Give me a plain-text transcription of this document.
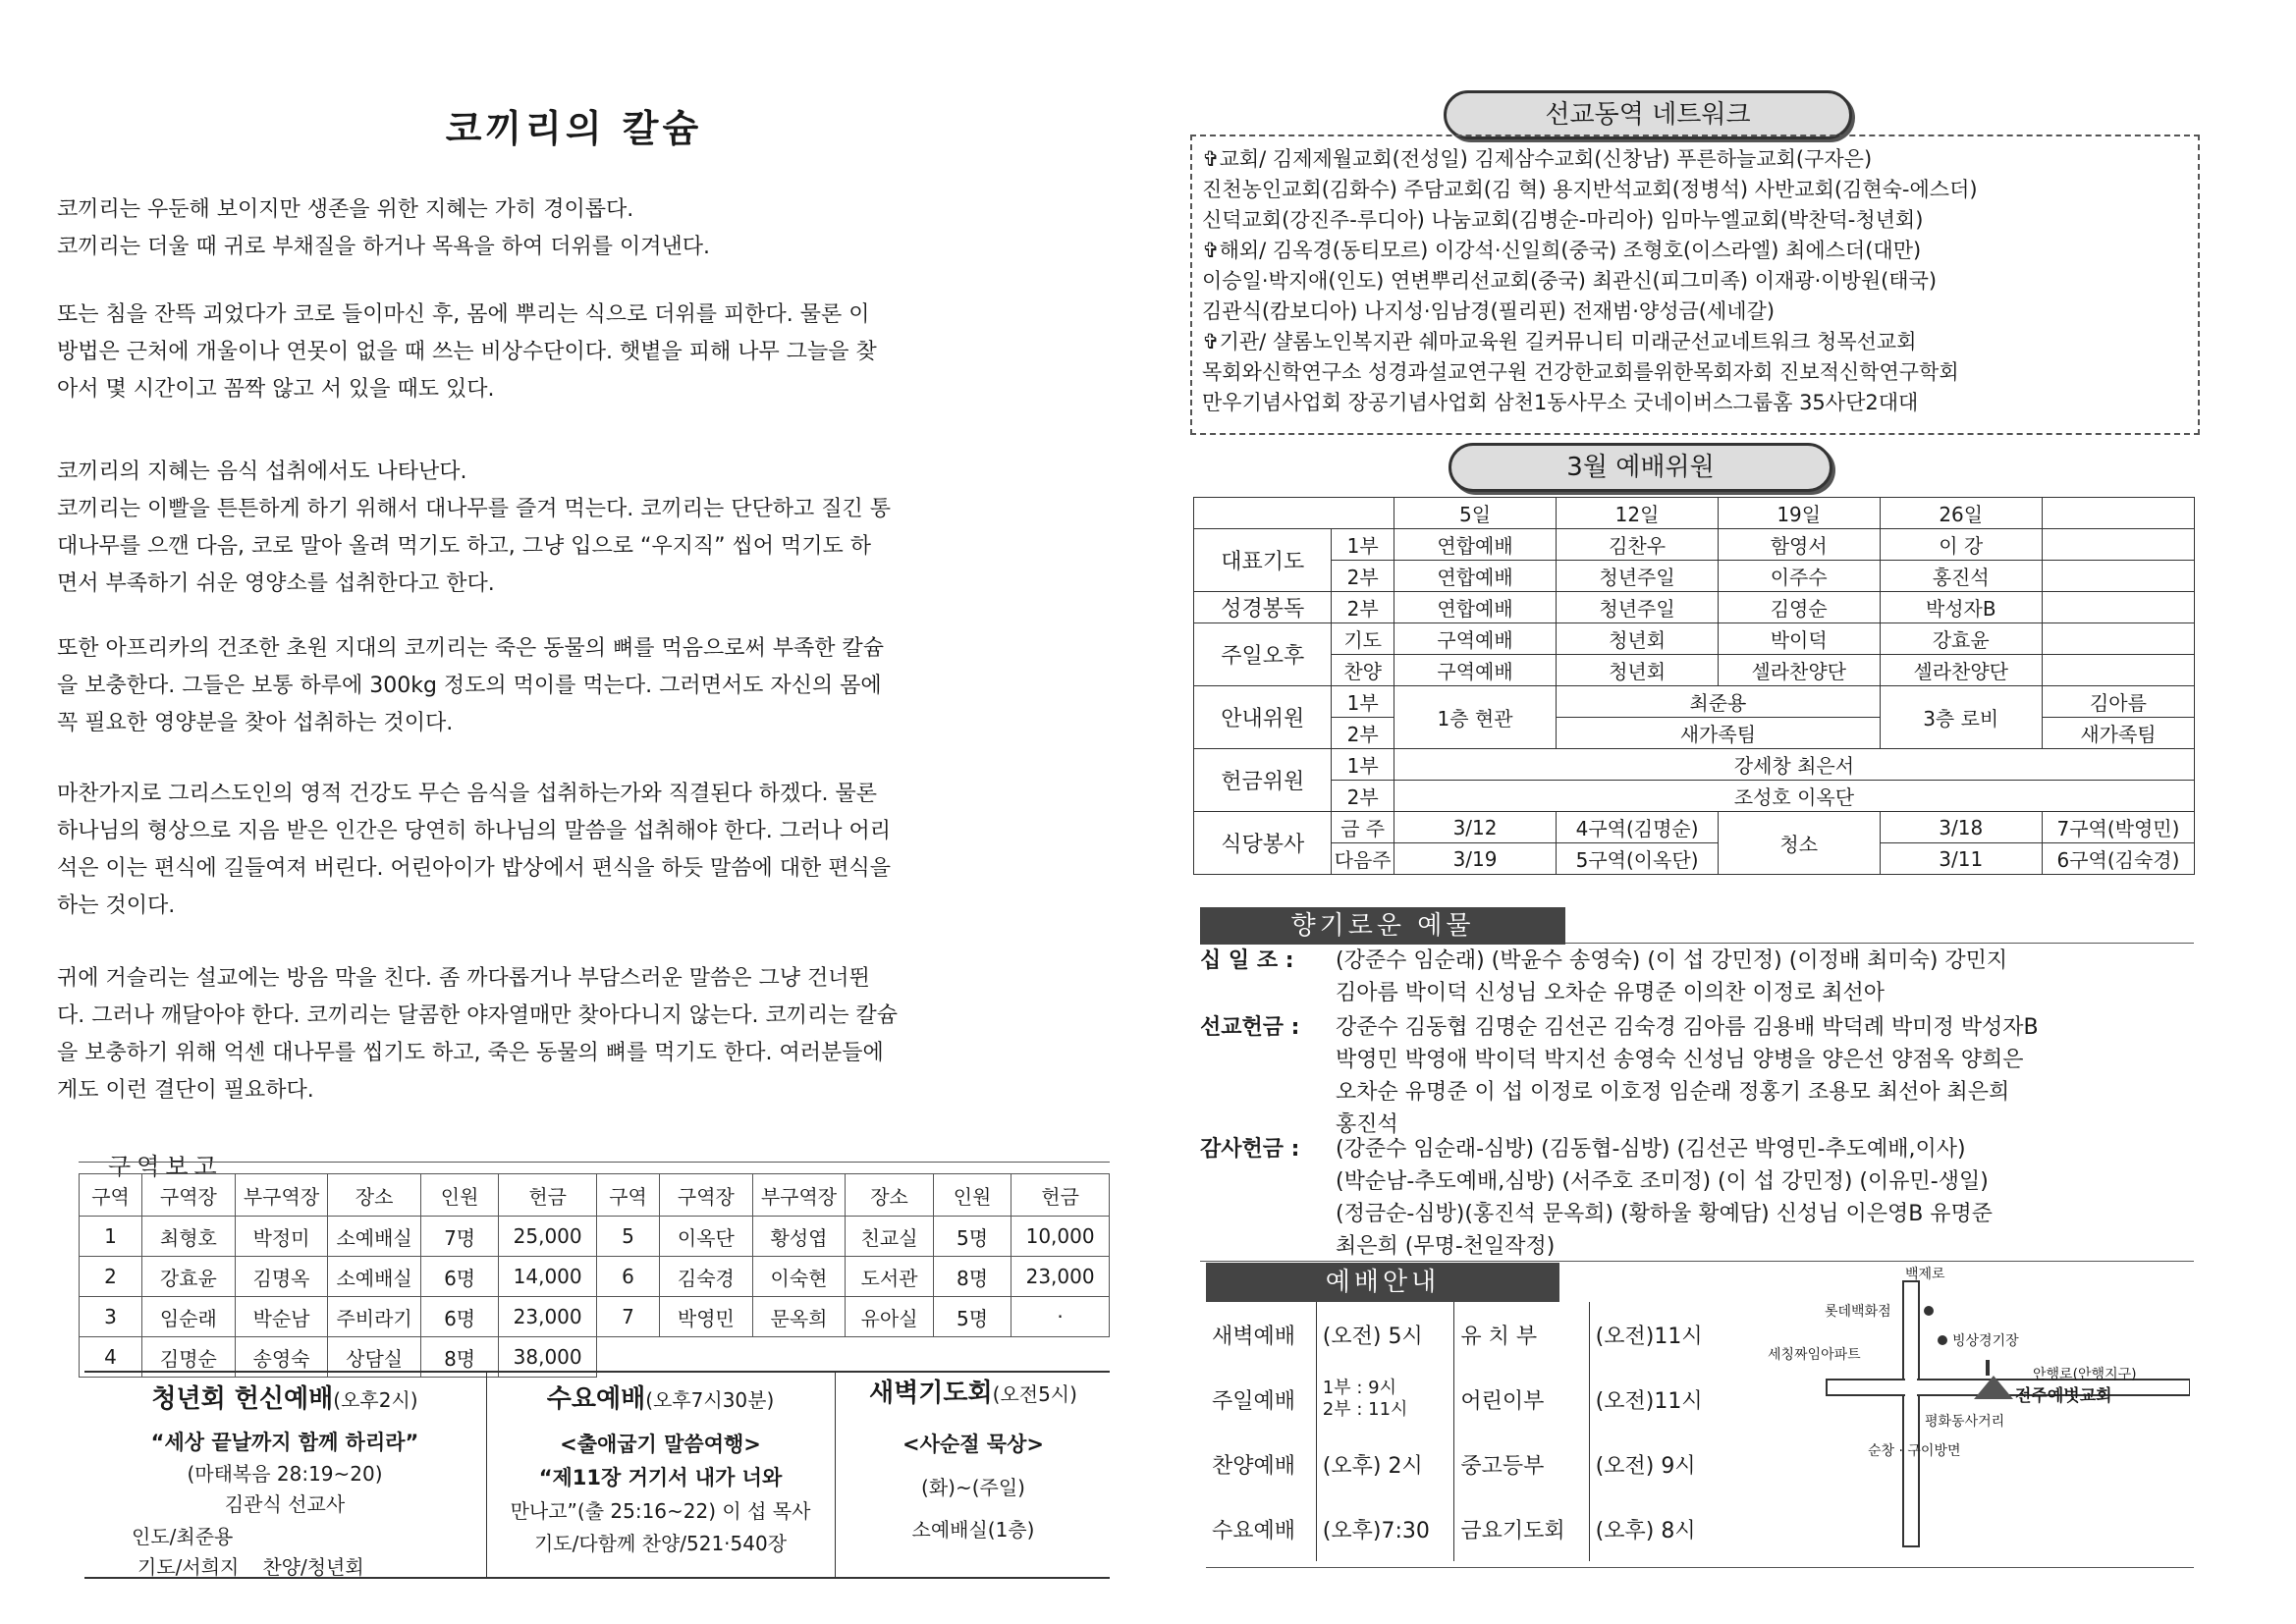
코끼리의 칼슘

코끼리는 우둔해 보이지만 생존을 위한 지혜는 가히 경이롭다.

코끼리는 더울 때 귀로 부채질을 하거나 목욕을 하여 더위를 이겨낸다.

또는 침을 잔뜩 괴었다가 코로 들이마신 후, 몸에 뿌리는 식으로 더위를 피한다. 물론 이

방법은 근처에 개울이나 연못이 없을 때 쓰는 비상수단이다. 햇볕을 피해 나무 그늘을 찾

아서 몇 시간이고 꼼짝 않고 서 있을 때도 있다.

코끼리의 지혜는 음식 섭취에서도 나타난다.

코끼리는 이빨을 튼튼하게 하기 위해서 대나무를 즐겨 먹는다. 코끼리는 단단하고 질긴 통

대나무를 으깬 다음, 코로 말아 올려 먹기도 하고, 그냥 입으로 “우지직” 씹어 먹기도 하

면서 부족하기 쉬운 영양소를 섭취한다고 한다.

또한 아프리카의 건조한 초원 지대의 코끼리는 죽은 동물의 뼈를 먹음으로써 부족한 칼슘

을 보충한다. 그들은 보통 하루에 300kg 정도의 먹이를 먹는다. 그러면서도 자신의 몸에

꼭 필요한 영양분을 찾아 섭취하는 것이다.

마찬가지로 그리스도인의 영적 건강도 무슨 음식을 섭취하는가와 직결된다 하겠다. 물론

하나님의 형상으로 지음 받은 인간은 당연히 하나님의 말씀을 섭취해야 한다. 그러나 어리

석은 이는 편식에 길들여져 버린다. 어린아이가 밥상에서 편식을 하듯 말씀에 대한 편식을

하는 것이다.

귀에 거슬리는 설교에는 방음 막을 친다. 좀 까다롭거나 부담스러운 말씀은 그냥 건너뛴

다. 그러나 깨달아야 한다. 코끼리는 달콤한 야자열매만 찾아다니지 않는다. 코끼리는 칼슘

을 보충하기 위해 억센 대나무를 씹기도 하고, 죽은 동물의 뼈를 먹기도 한다. 여러분들에

게도 이런 결단이 필요하다.

구역보고
구역	구역장	부구역장	장소	인원	헌금	구역	구역장	부구역장	장소	인원	헌금
1	최형호	박정미	소예배실	7명	25,000	5	이옥단	황성엽	친교실	5명	10,000
2	강효윤	김명옥	소예배실	6명	14,000	6	김숙경	이숙현	도서관	8명	23,000
3	임순래	박순남	주비라기	6명	23,000	7	박영민	문옥희	유아실	5명	·
4	김명순	송영숙	상담실	8명	38,000						
청년회 헌신예배(오후2시)
“세상 끝날까지 함께 하리라”
(마태복음 28:19~20)
김관식 선교사
인도/최준용
기도/서희지 찬양/청년회
수요예배(오후7시30분)
<출애굽기 말씀여행>
“제11장 거기서 내가 너와
만나고”(출 25:16~22) 이 섭 목사
기도/다함께 찬양/521·540장
새벽기도회(오전5시)
<사순절 묵상>
(화)~(주일)
소예배실(1층)
선교동역 네트워크
✞교회/ 김제제월교회(전성일) 김제삼수교회(신창남) 푸른하늘교회(구자은)
진천농인교회(김화수) 주담교회(김 혁) 용지반석교회(정병석) 사반교회(김현숙-에스더)
신덕교회(강진주-루디아) 나눔교회(김병순-마리아) 임마누엘교회(박찬덕-청년회)
✞해외/ 김옥경(동티모르) 이강석·신일희(중국) 조형호(이스라엘) 최에스더(대만)
이승일·박지애(인도) 연변뿌리선교회(중국) 최관신(피그미족) 이재광·이방원(태국)
김관식(캄보디아) 나지성·임남경(필리핀) 전재범·양성금(세네갈)
✞기관/ 샬롬노인복지관 쉐마교육원 길커뮤니티 미래군선교네트워크 청목선교회
목회와신학연구소 성경과설교연구원 건강한교회를위한목회자회 진보적신학연구학회
만우기념사업회 장공기념사업회 삼천1동사무소 굿네이버스그룹홈 35사단2대대
3월 예배위원
		5일	12일	19일	26일	
대표기도	1부	연합예배	김찬우	함영서	이 강	
	2부	연합예배	청년주일	이주수	홍진석	
성경봉독	2부	연합예배	청년주일	김영순	박성자B	
주일오후	기도	구역예배	청년회	박이덕	강효윤	
	찬양	구역예배	청년회	셀라찬양단	셀라찬양단	
안내위원	1부	1층 현관	최준용		3층 로비	김아름
	2부		새가족팀			새가족팀
헌금위원	1부	강세창 최은서				
	2부	조성호 이옥단				
식당봉사	금 주	3/12	4구역(김명순)	청소	3/18	7구역(박영민)
	다음주	3/19	5구역(이옥단)		3/11	6구역(김숙경)
향기로운 예물
십 일 조 : (강준수 임순래) (박윤수 송영숙) (이 섭 강민정) (이정배 최미숙) 강민지
김아름 박이덕 신성님 오차순 유명준 이의찬 이정로 최선아
선교헌금 : 강준수 김동협 김명순 김선곤 김숙경 김아름 김용배 박덕례 박미정 박성자B
박영민 박영애 박이덕 박지선 송영숙 신성님 양병을 양은선 양점옥 양희은
오차순 유명준 이 섭 이정로 이호정 임순래 정홍기 조용모 최선아 최은희
홍진석
감사헌금 : (강준수 임순래-심방) (김동협-심방) (김선곤 박영민-추도예배,이사)
(박순남-추도예배,심방) (서주호 조미정) (이 섭 강민정) (이유민-생일)
(정금순-심방)(홍진석 문옥희) (황하울 황예담) 신성님 이은영B 유명준
최은희 (무명-천일작정)
예배안내
새벽예배	(오전) 5시	유 치 부	(오전)11시
주일예배	1부 : 9시
2부 : 11시	어린이부	(오전)11시
찬양예배	(오후) 2시	중고등부	(오전) 9시
수요예배	(오후)7:30	금요기도회	(오후) 8시
백제로
롯데백화점
빙상경기장
세칭짜임아파트
안행로(안행지구)
전주예벗교회
평화동사거리
순창 · 구이방면
